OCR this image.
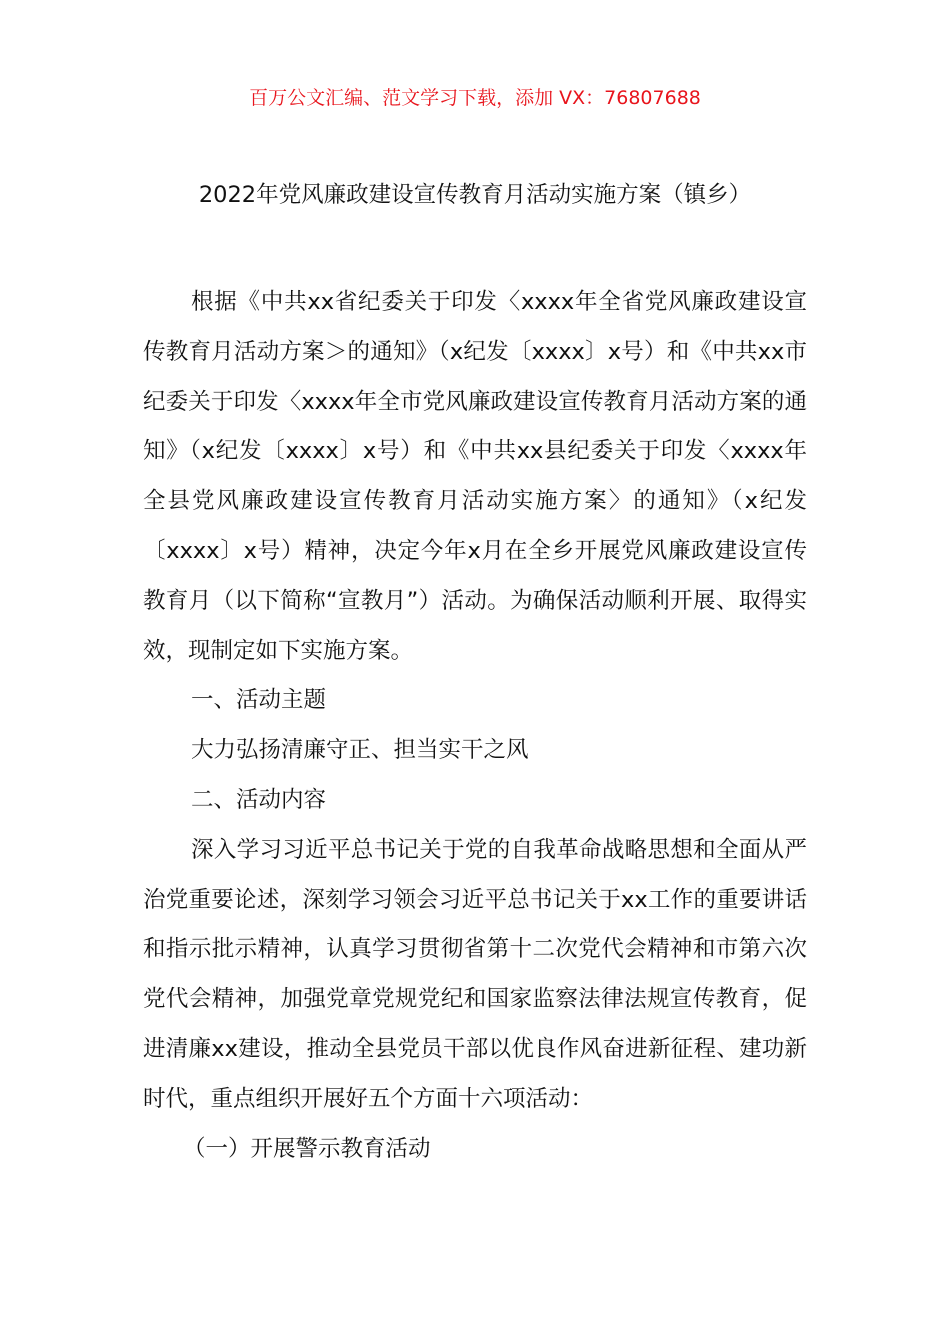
百万公文汇编、范文学习下载，添加 VX：76807688
2022年党风廉政建设宣传教育月活动实施方案（镇乡）

根据《中共xx省纪委关于印发〈xxxx年全省党风廉政建设宣传教育月活动方案＞的通知》（x纪发〔xxxx〕x号）和《中共xx市纪委关于印发〈xxxx年全市党风廉政建设宣传教育月活动方案的通知》（x纪发〔xxxx〕x号）和《中共xx县纪委关于印发〈xxxx年全县党风廉政建设宣传教育月活动实施方案〉的通知》（x纪发〔xxxx〕x号）精神，决定今年x月在全乡开展党风廉政建设宣传教育月（以下简称“宣教月”）活动。为确保活动顺利开展、取得实效，现制定如下实施方案。

一、活动主题

大力弘扬清廉守正、担当实干之风

二、活动内容

深入学习习近平总书记关于党的自我革命战略思想和全面从严治党重要论述，深刻学习领会习近平总书记关于xx工作的重要讲话和指示批示精神，认真学习贯彻省第十二次党代会精神和市第六次党代会精神，加强党章党规党纪和国家监察法律法规宣传教育，促进清廉xx建设，推动全县党员干部以优良作风奋进新征程、建功新时代，重点组织开展好五个方面十六项活动：

（一）开展警示教育活动
